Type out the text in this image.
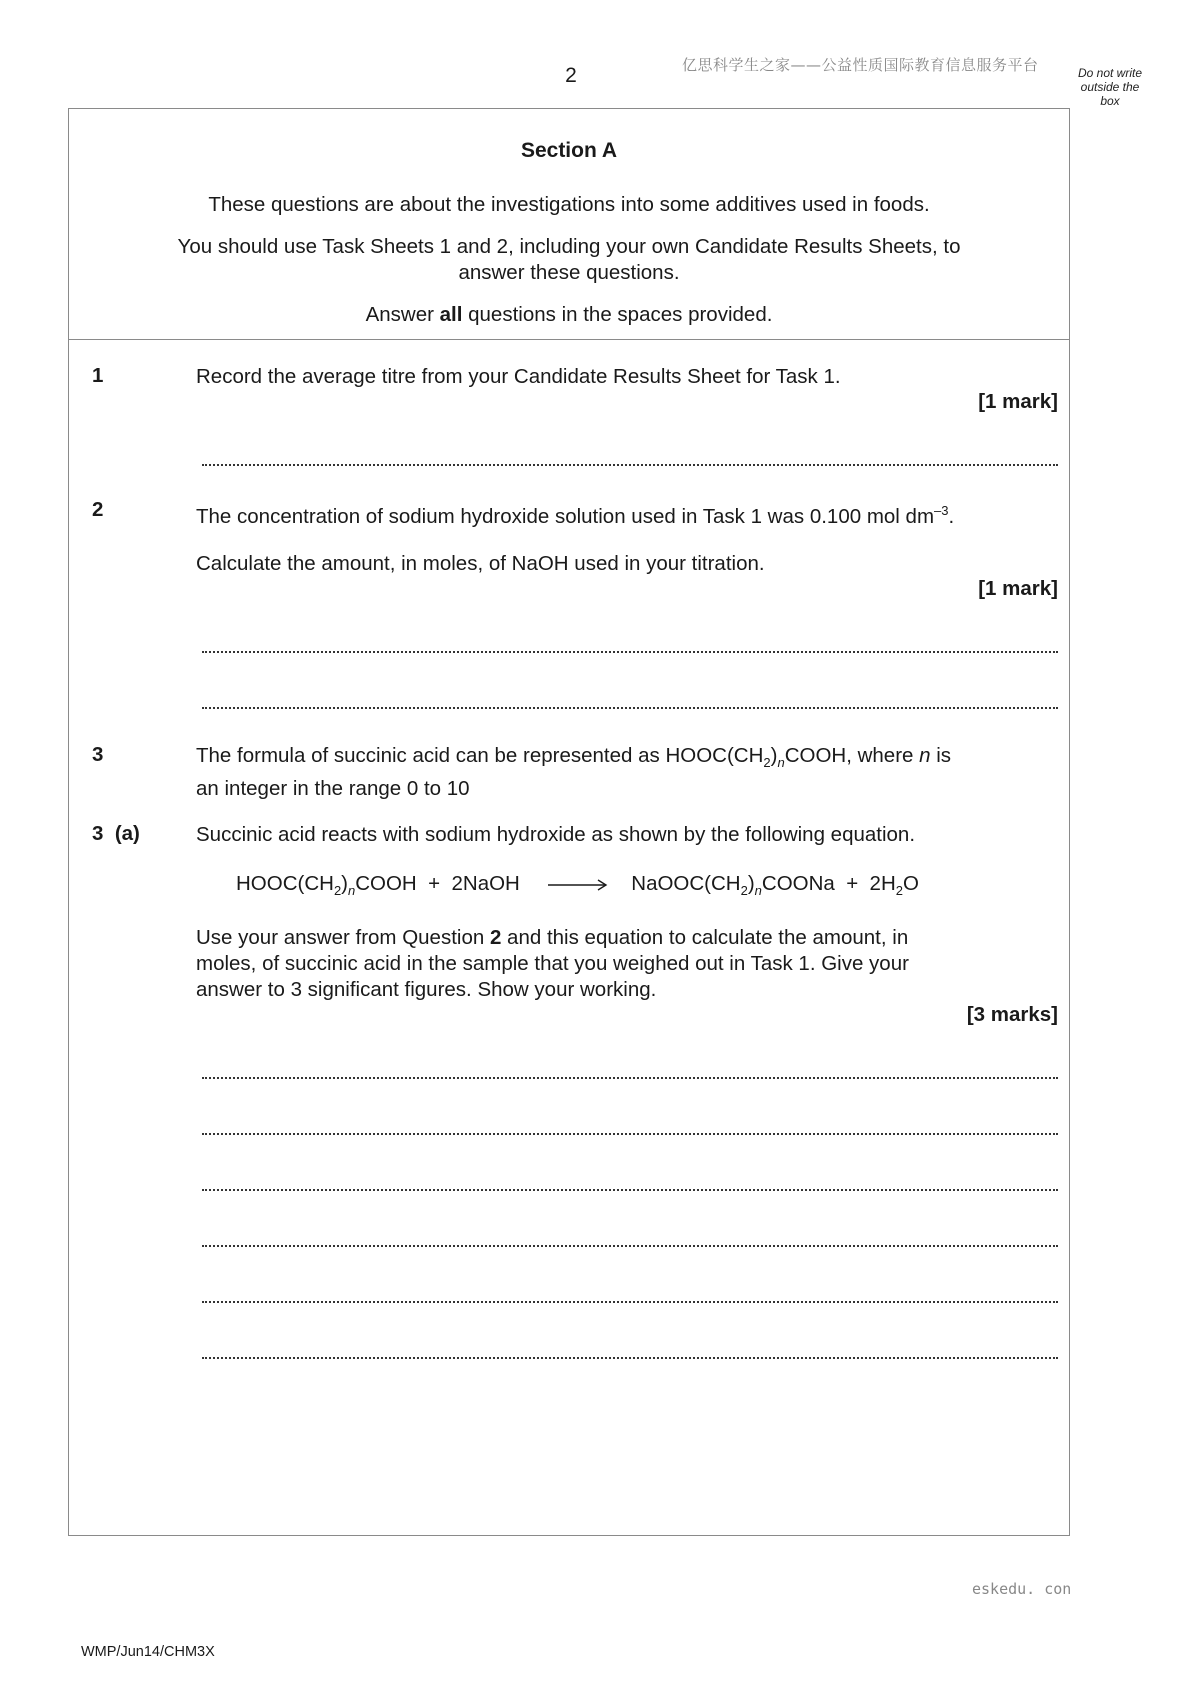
2	亿思科学生之家——公益性质国际教育信息服务平台	Do not write
outside the
box
Section A
These questions are about the investigations into some additives used in foods.
You should use Task Sheets 1 and 2, including your own Candidate Results Sheets, to
answer these questions.
Answer all questions in the spaces provided.
1	Record the average titre from your Candidate Results Sheet for Task 1.
[1 mark]
2	The concentration of sodium hydroxide solution used in Task 1 was 0.100 mol $dm^{-3}$.
Calculate the amount, in moles, of NaOH used in your titration.
[1 mark]
3	The formula of succinic acid can be represented as $HOOC(CH_2)_nCOOH$, where n is
an integer in the range 0 to 10
3 (a)	Succinic acid reacts with sodium hydroxide as shown by the following equation.
$HOOC(CH_2)_nCOOH$  +  2NaOH → $NaOOC(CH_2)_nCOONa + 2H_2O$
Use your answer from Question 2 and this equation to calculate the amount, in
moles, of succinic acid in the sample that you weighed out in Task 1. Give your
answer to 3 significant figures. Show your working.
[3 marks]
eskedu. con
WMP/Jun14/CHM3X
